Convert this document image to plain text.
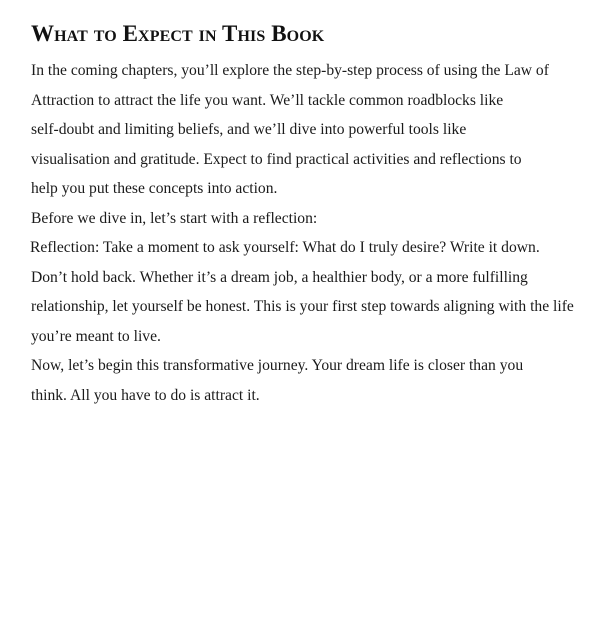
What to Expect in This Book

In the coming chapters, you’ll explore the step-by-step process of using the Law of
Attraction to attract the life you want. We’ll tackle common roadblocks like
self-doubt and limiting beliefs, and we’ll dive into powerful tools like
visualisation and gratitude. Expect to find practical activities and reflections to
help you put these concepts into action.

Before we dive in, let’s start with a reflection:

Reflection: Take a moment to ask yourself: What do I truly desire? Write it down.
Don’t hold back. Whether it’s a dream job, a healthier body, or a more fulfilling
relationship, let yourself be honest. This is your first step towards aligning with the life
you’re meant to live.

Now, let’s begin this transformative journey. Your dream life is closer than you
think. All you have to do is attract it.
